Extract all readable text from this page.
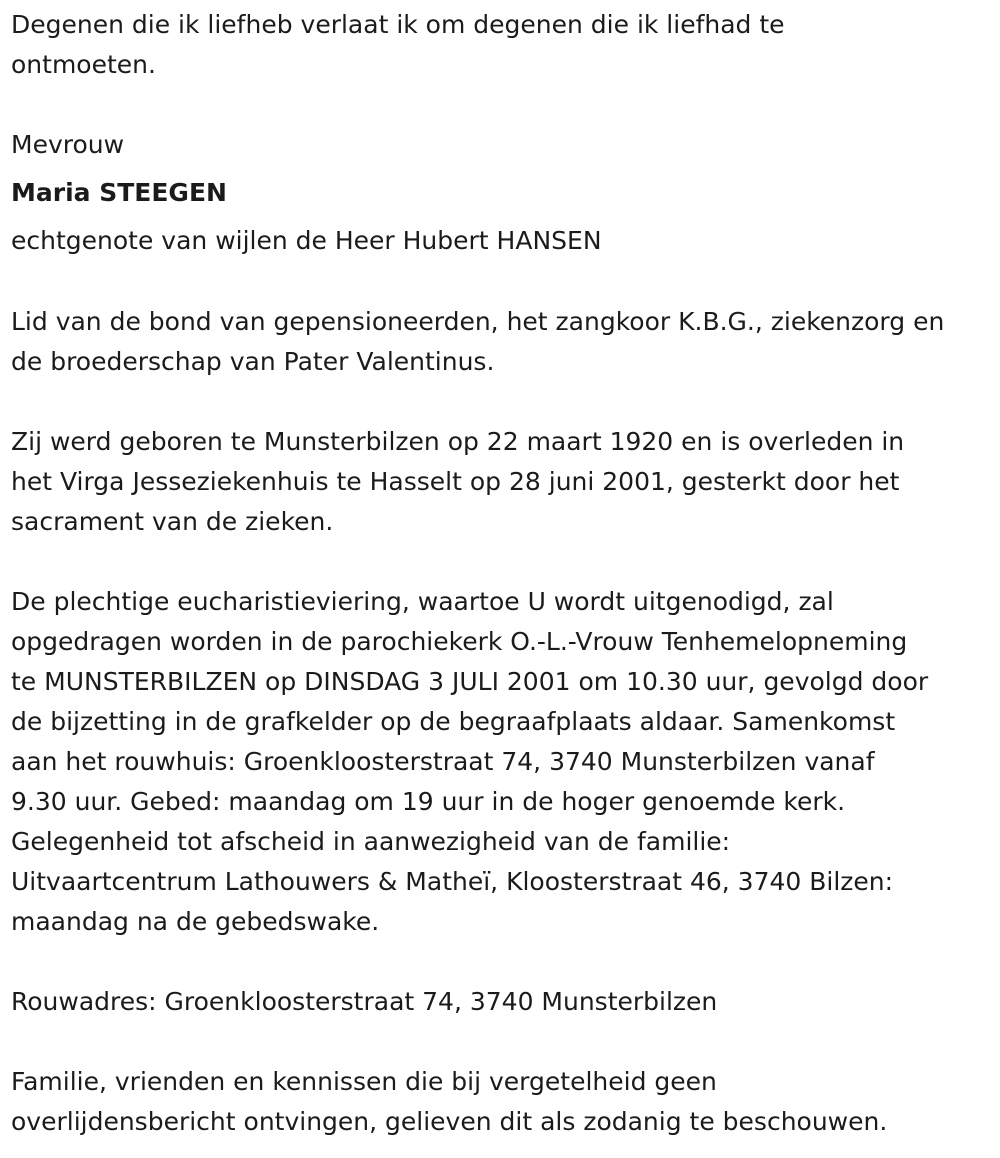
Degenen die ik liefheb verlaat ik om degenen die ik liefhad te
ontmoeten.
Mevrouw
Maria STEEGEN
echtgenote van wijlen de Heer Hubert HANSEN
Lid van de bond van gepensioneerden, het zangkoor K.B.G., ziekenzorg en
de broederschap van Pater Valentinus.
Zij werd geboren te Munsterbilzen op 22 maart 1920 en is overleden in
het Virga Jesseziekenhuis te Hasselt op 28 juni 2001, gesterkt door het
sacrament van de zieken.
De plechtige eucharistieviering, waartoe U wordt uitgenodigd, zal
opgedragen worden in de parochiekerk O.-L.-Vrouw Tenhemelopneming
te MUNSTERBILZEN op DINSDAG 3 JULI 2001 om 10.30 uur, gevolgd door
de bijzetting in de grafkelder op de begraafplaats aldaar. Samenkomst
aan het rouwhuis: Groenkloosterstraat 74, 3740 Munsterbilzen vanaf
9.30 uur. Gebed: maandag om 19 uur in de hoger genoemde kerk.
Gelegenheid tot afscheid in aanwezigheid van de familie:
Uitvaartcentrum Lathouwers & Matheï, Kloosterstraat 46, 3740 Bilzen:
maandag na de gebedswake.
Rouwadres: Groenkloosterstraat 74, 3740 Munsterbilzen
Familie, vrienden en kennissen die bij vergetelheid geen
overlijdensbericht ontvingen, gelieven dit als zodanig te beschouwen.
